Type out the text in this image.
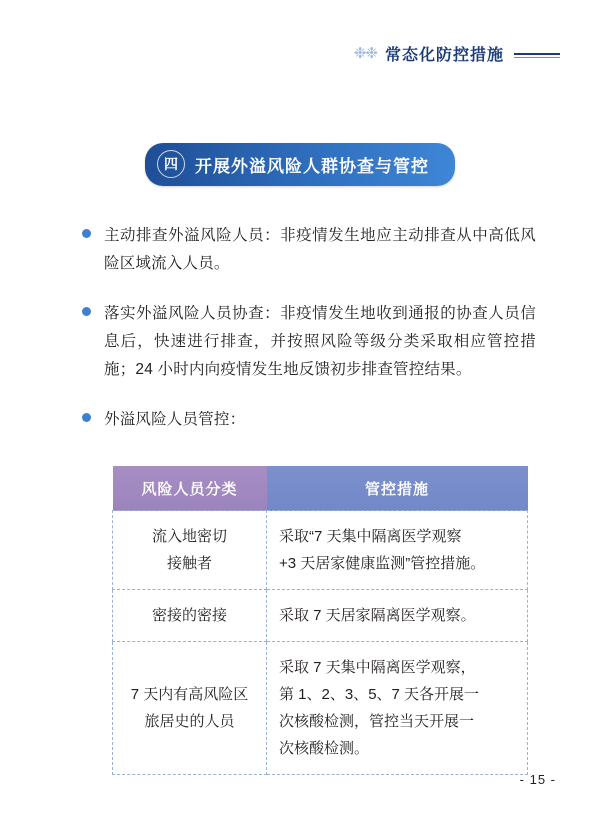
❉❉ 常态化防控措施
四	开展外溢风险人群协查与管控
主动排查外溢风险人员：非疫情发生地应主动排查从中高低风险区域流入人员。
落实外溢风险人员协查：非疫情发生地收到通报的协查人员信息后，快速进行排查，并按照风险等级分类采取相应管控措施；24 小时内向疫情发生地反馈初步排查管控结果。
外溢风险人员管控：
风险人员分类	管控措施
流入地密切
接触者	采取“7 天集中隔离医学观察
+3 天居家健康监测”管控措施。
密接的密接	采取 7 天居家隔离医学观察。
7 天内有高风险区
旅居史的人员	采取 7 天集中隔离医学观察，
第 1、2、3、5、7 天各开展一
次核酸检测，管控当天开展一
次核酸检测。
- 15 -
